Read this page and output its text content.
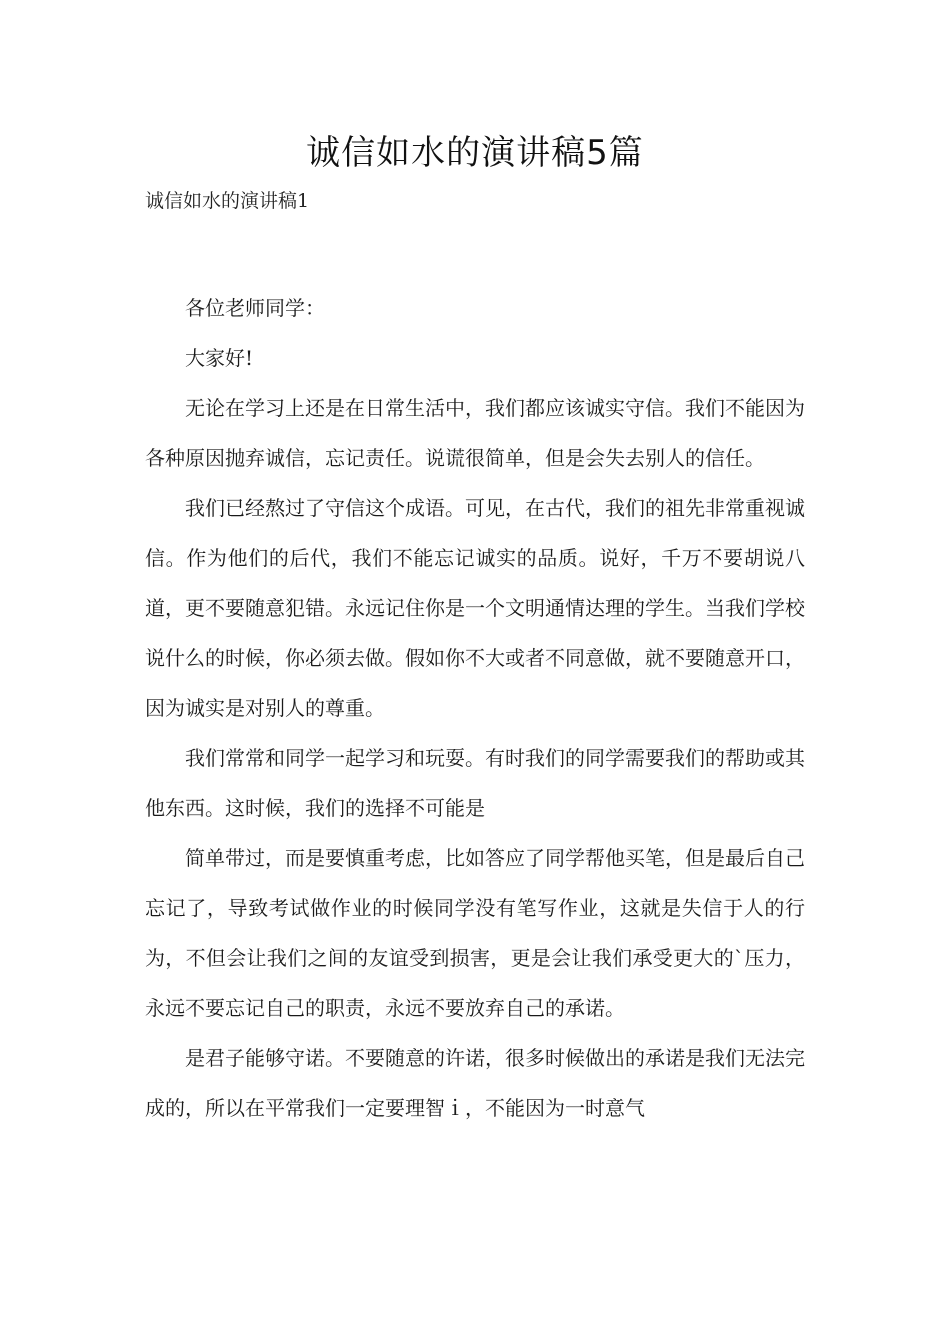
诚信如水的演讲稿5篇
诚信如水的演讲稿1

各位老师同学：

大家好!

无论在学习上还是在日常生活中，我们都应该诚实守信。我们不能因为各种原因抛弃诚信，忘记责任。说谎很简单，但是会失去别人的信任。

我们已经熬过了守信这个成语。可见，在古代，我们的祖先非常重视诚信。作为他们的后代，我们不能忘记诚实的品质。说好，千万不要胡说八道，更不要随意犯错。永远记住你是一个文明通情达理的学生。当我们学校说什么的时候，你必须去做。假如你不大或者不同意做，就不要随意开口，因为诚实是对别人的尊重。

我们常常和同学一起学习和玩耍。有时我们的同学需要我们的帮助或其他东西。这时候，我们的选择不可能是

简单带过，而是要慎重考虑，比如答应了同学帮他买笔，但是最后自己忘记了，导致考试做作业的时候同学没有笔写作业，这就是失信于人的行为，不但会让我们之间的友谊受到损害，更是会让我们承受更大的`压力，永远不要忘记自己的职责，永远不要放弃自己的承诺。

是君子能够守诺。不要随意的许诺，很多时候做出的承诺是我们无法完成的，所以在平常我们一定要理智ｉ，不能因为一时意气
